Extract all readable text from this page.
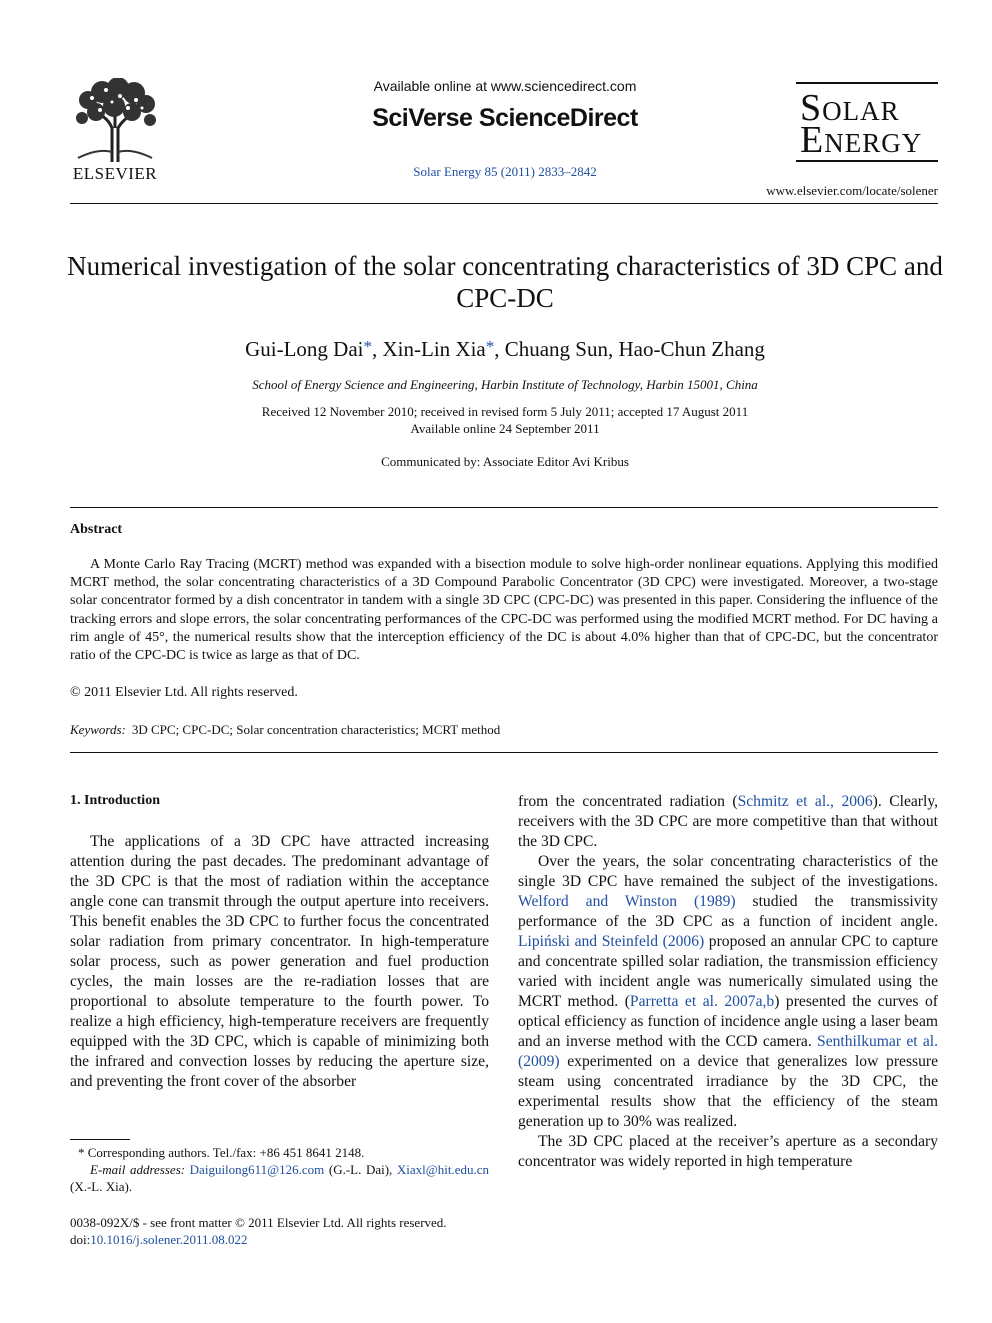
ELSEVIER
Available online at www.sciencedirect.com
SciVerse ScienceDirect
Solar Energy 85 (2011) 2833–2842
Solar
Energy
www.elsevier.com/locate/solener
Numerical investigation of the solar concentrating characteristics of 3D CPC and CPC-DC
Gui-Long Dai*, Xin-Lin Xia*, Chuang Sun, Hao-Chun Zhang
School of Energy Science and Engineering, Harbin Institute of Technology, Harbin 15001, China
Received 12 November 2010; received in revised form 5 July 2011; accepted 17 August 2011
Available online 24 September 2011
Communicated by: Associate Editor Avi Kribus
Abstract
A Monte Carlo Ray Tracing (MCRT) method was expanded with a bisection module to solve high-order nonlinear equations. Applying this modified MCRT method, the solar concentrating characteristics of a 3D Compound Parabolic Concentrator (3D CPC) were investigated. Moreover, a two-stage solar concentrator formed by a dish concentrator in tandem with a single 3D CPC (CPC-DC) was presented in this paper. Considering the influence of the tracking errors and slope errors, the solar concentrating performances of the CPC-DC was performed using the modified MCRT method. For DC having a rim angle of 45°, the numerical results show that the interception efficiency of the DC is about 4.0% higher than that of CPC-DC, but the concentrator ratio of the CPC-DC is twice as large as that of DC.
© 2011 Elsevier Ltd. All rights reserved.
Keywords: 3D CPC; CPC-DC; Solar concentration characteristics; MCRT method
1. Introduction

The applications of a 3D CPC have attracted increasing attention during the past decades. The predominant advantage of the 3D CPC is that the most of radiation within the acceptance angle cone can transmit through the output aperture into receivers. This benefit enables the 3D CPC to further focus the concentrated solar radiation from primary concentrator. In high-temperature solar process, such as power generation and fuel production cycles, the main losses are the re-radiation losses that are proportional to absolute temperature to the fourth power. To realize a high efficiency, high-temperature receivers are frequently equipped with the 3D CPC, which is capable of minimizing both the infrared and convection losses by reducing the aperture size, and preventing the front cover of the absorber

from the concentrated radiation (Schmitz et al., 2006). Clearly, receivers with the 3D CPC are more competitive than that without the 3D CPC.

Over the years, the solar concentrating characteristics of the single 3D CPC have remained the subject of the investigations. Welford and Winston (1989) studied the transmissivity performance of the 3D CPC as a function of incident angle. Lipiński and Steinfeld (2006) proposed an annular CPC to capture and concentrate spilled solar radiation, the transmission efficiency varied with incident angle was numerically simulated using the MCRT method. (Parretta et al. 2007a,b) presented the curves of optical efficiency as function of incidence angle using a laser beam and an inverse method with the CCD camera. Senthilkumar et al. (2009) experimented on a device that generalizes low pressure steam using concentrated irradiance by the 3D CPC, the experimental results show that the efficiency of the steam generation up to 30% was realized.

The 3D CPC placed at the receiver’s aperture as a secondary concentrator was widely reported in high temperature

* Corresponding authors. Tel./fax: +86 451 8641 2148.
E-mail addresses: Daiguilong611@126.com (G.-L. Dai), Xiaxl@hit.edu.cn (X.-L. Xia).
0038-092X/$ - see front matter © 2011 Elsevier Ltd. All rights reserved.
doi:10.1016/j.solener.2011.08.022
